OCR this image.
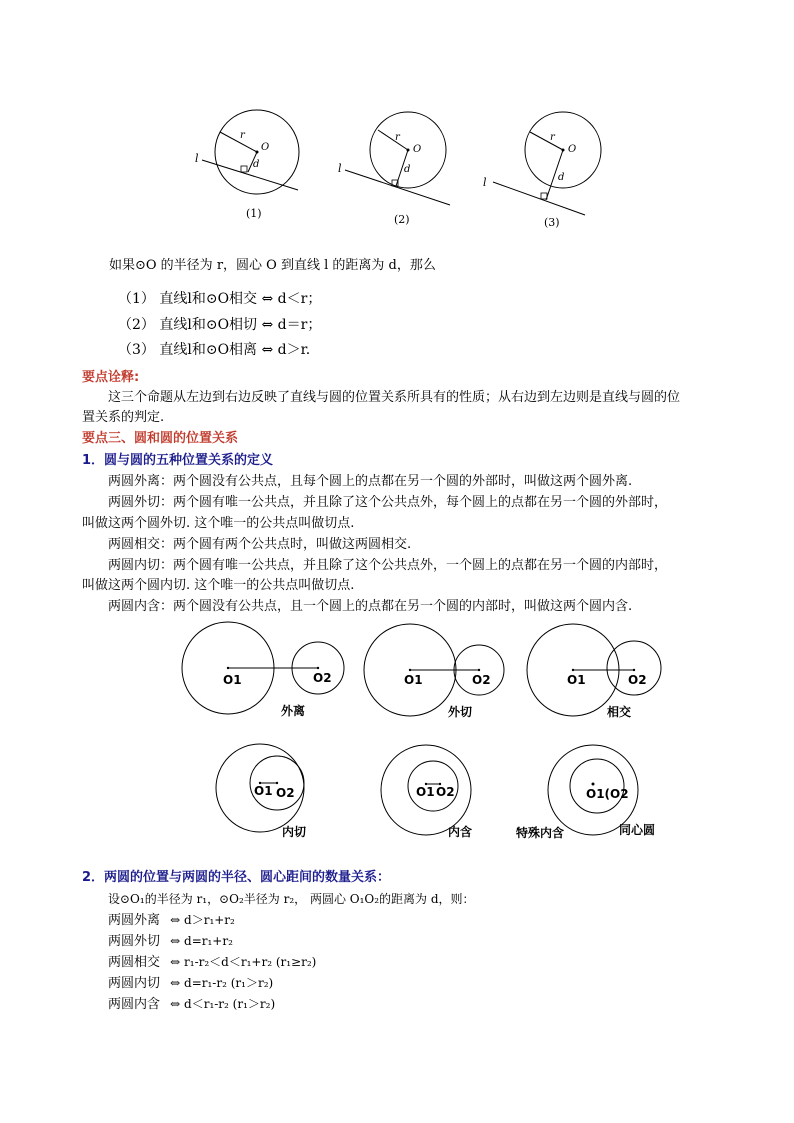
r
O
d
l
r
O
d
l
r
O
d
l
(1)	(2)	(3)
如果⊙O 的半径为 r，圆心 O 到直线 l 的距离为 d，那么
（1） 直线l和⊙O相交 ⇔ d＜r；
（2） 直线l和⊙O相切 ⇔ d＝r；
（3） 直线l和⊙O相离 ⇔ d＞r.
要点诠释:
这三个命题从左边到右边反映了直线与圆的位置关系所具有的性质；从右边到左边则是直线与圆的位
置关系的判定.
要点三、圆和圆的位置关系
1．圆与圆的五种位置关系的定义
两圆外离：两个圆没有公共点，且每个圆上的点都在另一个圆的外部时，叫做这两个圆外离.
两圆外切：两个圆有唯一公共点，并且除了这个公共点外，每个圆上的点都在另一个圆的外部时，
叫做这两个圆外切. 这个唯一的公共点叫做切点.
两圆相交：两个圆有两个公共点时，叫做这两圆相交.
两圆内切：两个圆有唯一公共点，并且除了这个公共点外，一个圆上的点都在另一个圆的内部时，
叫做这两个圆内切. 这个唯一的公共点叫做切点.
两圆内含：两个圆没有公共点，且一个圆上的点都在另一个圆的内部时，叫做这两个圆内含.
O1	O2
外离
O1	O2
外切
O1	O2
相交
O1 O2
内切
O1 O2
内含
O1(O2
特殊内含	同心圆
2．两圆的位置与两圆的半径、圆心距间的数量关系：
设⊙O₁的半径为 r₁，⊙O₂半径为 r₂， 两圆心 O₁O₂的距离为 d，则：
两圆外离 ⇔ d＞r₁+r₂
两圆外切 ⇔ d=r₁+r₂
两圆相交 ⇔ r₁-r₂＜d＜r₁+r₂ (r₁≥r₂)
两圆内切 ⇔ d=r₁-r₂ (r₁＞r₂)
两圆内含 ⇔ d＜r₁-r₂ (r₁＞r₂)
